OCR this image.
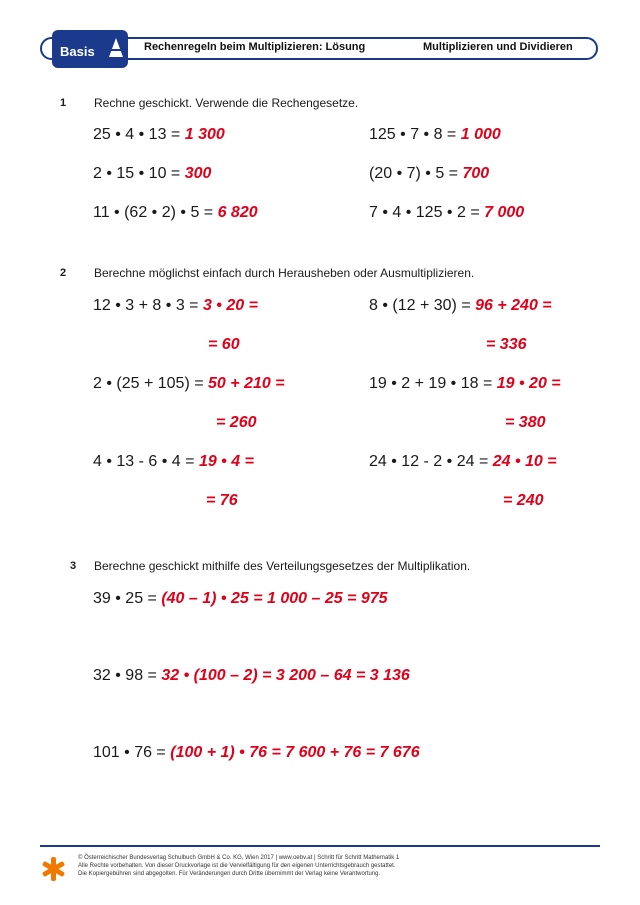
Basis	Rechenregeln beim Multiplizieren: Lösung	Multiplizieren und Dividieren
1 Rechne geschickt. Verwende die Rechengesetze.
25 • 4 • 13 = 1 300
2 • 15 • 10 = 300
11 • (62 • 2) • 5 = 6 820
125 • 7 • 8 = 1 000
(20 • 7) • 5 = 700
7 • 4 • 125 • 2 = 7 000
2 Berechne möglichst einfach durch Herausheben oder Ausmultiplizieren.
12 • 3 + 8 • 3 = 3 • 20 =
= 60
2 • (25 + 105) = 50 + 210 =
= 260
4 • 13 - 6 • 4 = 19 • 4 =
= 76
8 • (12 + 30) = 96 + 240 =
= 336
19 • 2 + 19 • 18 = 19 • 20 =
= 380
24 • 12 - 2 • 24 = 24 • 10 =
= 240
3 Berechne geschickt mithilfe des Verteilungsgesetzes der Multiplikation.
39 • 25 = (40 – 1) • 25 = 1 000 – 25 = 975
32 • 98 = 32 • (100 – 2) = 3 200 – 64 = 3 136
101 • 76 = (100 + 1) • 76 = 7 600 + 76 = 7 676
© Österreichischer Bundesverlag Schulbuch GmbH & Co. KG, Wien 2017 | www.oebv.at | Schritt für Schritt Mathematik 1
Alle Rechte vorbehalten. Von dieser Druckvorlage ist die Vervielfältigung für den eigenen Unterrichtsgebrauch gestattet.
Die Kopiergebühren sind abgegolten. Für Veränderungen durch Dritte übernimmt der Verlag keine Verantwortung.
